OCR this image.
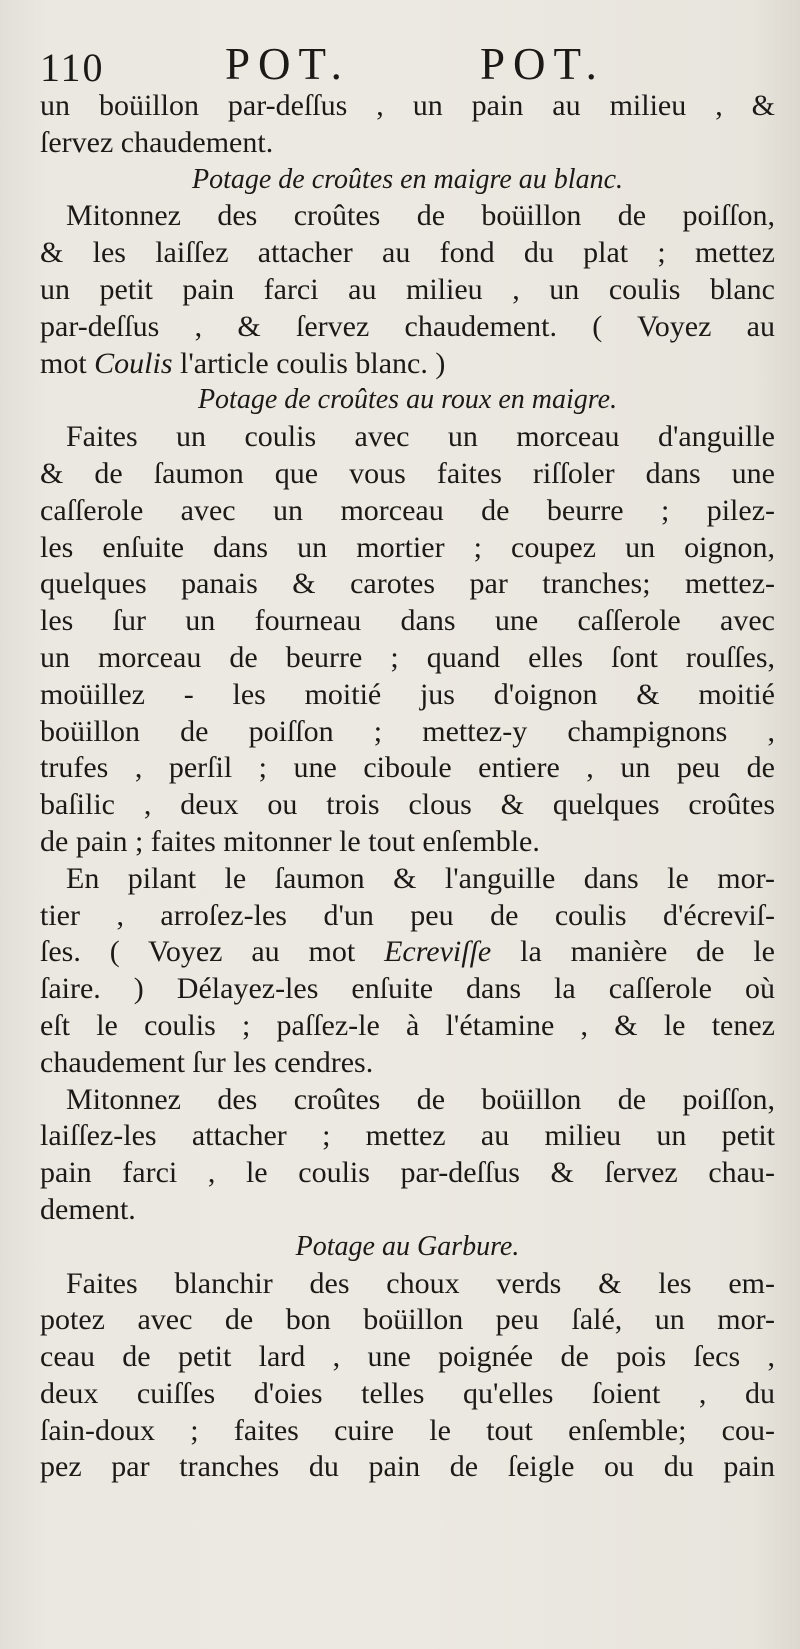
110	POT.	POT.
un boüillon par-deſſus , un pain au milieu , &
ſervez chaudement.
Potage de croûtes en maigre au blanc.
Mitonnez des croûtes de boüillon de poiſſon,
& les laiſſez attacher au fond du plat ; mettez
un petit pain farci au milieu , un coulis blanc
par-deſſus , & ſervez chaudement. ( Voyez au
mot Coulis l'article coulis blanc. )
Potage de croûtes au roux en maigre.
Faites un coulis avec un morceau d'anguille
& de ſaumon que vous faites riſſoler dans une
caſſerole avec un morceau de beurre ; pilez-
les enſuite dans un mortier ; coupez un oignon,
quelques panais & carotes par tranches; mettez-
les ſur un fourneau dans une caſſerole avec
un morceau de beurre ; quand elles ſont rouſſes,
moüillez - les moitié jus d'oignon & moitié
boüillon de poiſſon ; mettez-y champignons ,
trufes , perſil ; une ciboule entiere , un peu de
baſilic , deux ou trois clous & quelques croûtes
de pain ; faites mitonner le tout enſemble.
En pilant le ſaumon & l'anguille dans le mor-
tier , arroſez-les d'un peu de coulis d'écreviſ-
ſes. ( Voyez au mot Ecreviſſe la manière de le
ſaire. ) Délayez-les enſuite dans la caſſerole où
eſt le coulis ; paſſez-le à l'étamine , & le tenez
chaudement ſur les cendres.
Mitonnez des croûtes de boüillon de poiſſon,
laiſſez-les attacher ; mettez au milieu un petit
pain farci , le coulis par-deſſus & ſervez chau-
dement.
Potage au Garbure.
Faites blanchir des choux verds & les em-
potez avec de bon boüillon peu ſalé, un mor-
ceau de petit lard , une poignée de pois ſecs ,
deux cuiſſes d'oies telles qu'elles ſoient , du
ſain-doux ; faites cuire le tout enſemble; cou-
pez par tranches du pain de ſeigle ou du pain
